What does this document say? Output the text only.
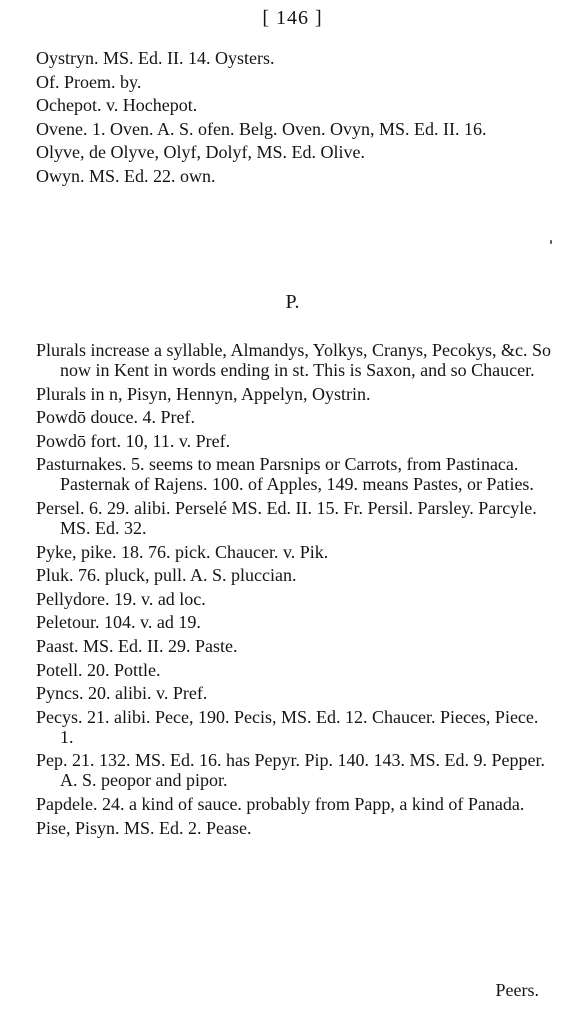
[ 146 ]

Oystryn. MS. Ed. II. 14. Oysters.

Of. Proem. by.

Ochepot. v. Hochepot.

Ovene. 1. Oven. A. S. ofen. Belg. Oven. Ovyn, MS. Ed. II. 16.

Olyve, de Olyve, Olyf, Dolyf, MS. Ed. Olive.

Owyn. MS. Ed. 22. own.

P.

Plurals increase a syllable, Almandys, Yolkys, Cranys, Pecokys, &c. So now in Kent in words ending in st. This is Saxon, and so Chaucer.

Plurals in n, Pisyn, Hennyn, Appelyn, Oystrin.

Powdō douce. 4. Pref.

Powdō fort. 10, 11. v. Pref.

Pasturnakes. 5. seems to mean Parsnips or Carrots, from Pastinaca. Pasternak of Rajens. 100. of Apples, 149. means Pastes, or Paties.

Persel. 6. 29. alibi. Perselé MS. Ed. II. 15. Fr. Persil. Parsley. Parcyle. MS. Ed. 32.

Pyke, pike. 18. 76. pick. Chaucer. v. Pik.

Pluk. 76. pluck, pull. A. S. pluccian.

Pellydore. 19. v. ad loc.

Peletour. 104. v. ad 19.

Paast. MS. Ed. II. 29. Paste.

Potell. 20. Pottle.

Pyncs. 20. alibi. v. Pref.

Pecys. 21. alibi. Pece, 190. Pecis, MS. Ed. 12. Chaucer. Pieces, Piece. 1.

Pep. 21. 132. MS. Ed. 16. has Pepyr. Pip. 140. 143. MS. Ed. 9. Pepper. A. S. peopor and pipor.

Papdele. 24. a kind of sauce. probably from Papp, a kind of Panada.

Pise, Pisyn. MS. Ed. 2. Pease.

Peers.
